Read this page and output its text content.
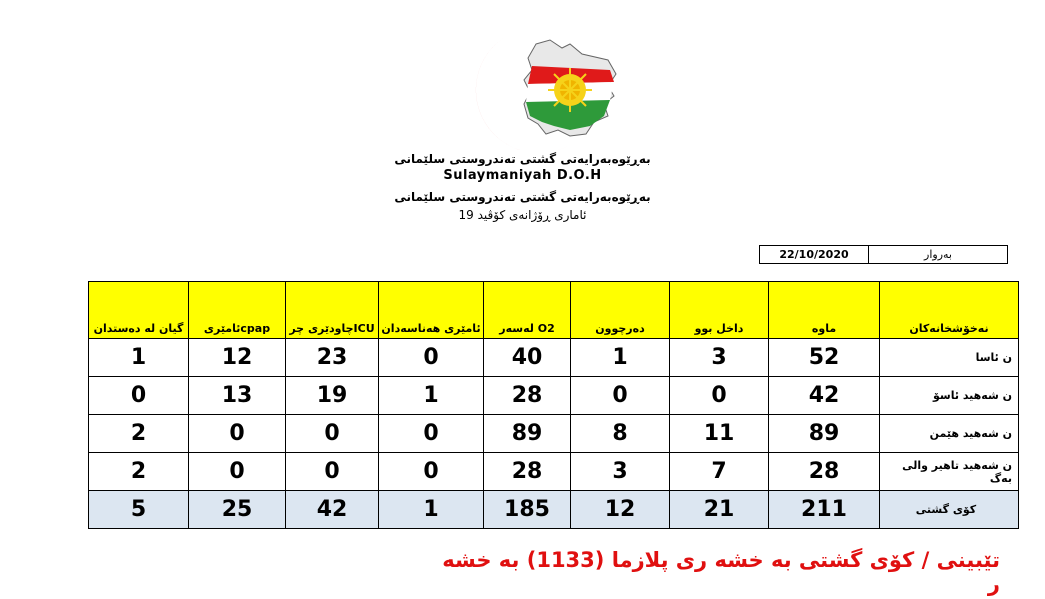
بەڕێوەبەرایەتی گشتی تەندروستی سلێمانی
Sulaymaniyah D.O.H
بەڕێوەبەرایەتی گشتی تەندروستی سلێمانی
ئاماری ڕۆژانەی کۆڤید 19
22/10/2020	بەروار
گیان لە دەستدان	ئامێریcpap	چاودێری چرICU	ئامێری هەناسەدان	لەسەر O2	دەرچوون	داخل بوو	ماوە	نەخۆشخانەکان
1	12	23	0	40	1	3	52	ن ئاسا
0	13	19	1	28	0	0	42	ن شەهید ئاسۆ
2	0	0	0	89	8	11	89	ن شەهید هێمن
2	0	0	0	28	3	7	28	ن شەهید تاهیر والی بەگ
5	25	42	1	185	12	21	211	کۆی گشتی
تێبینی / کۆی گشتی بە خشە ری پلازما (1133) بە خشە ر
